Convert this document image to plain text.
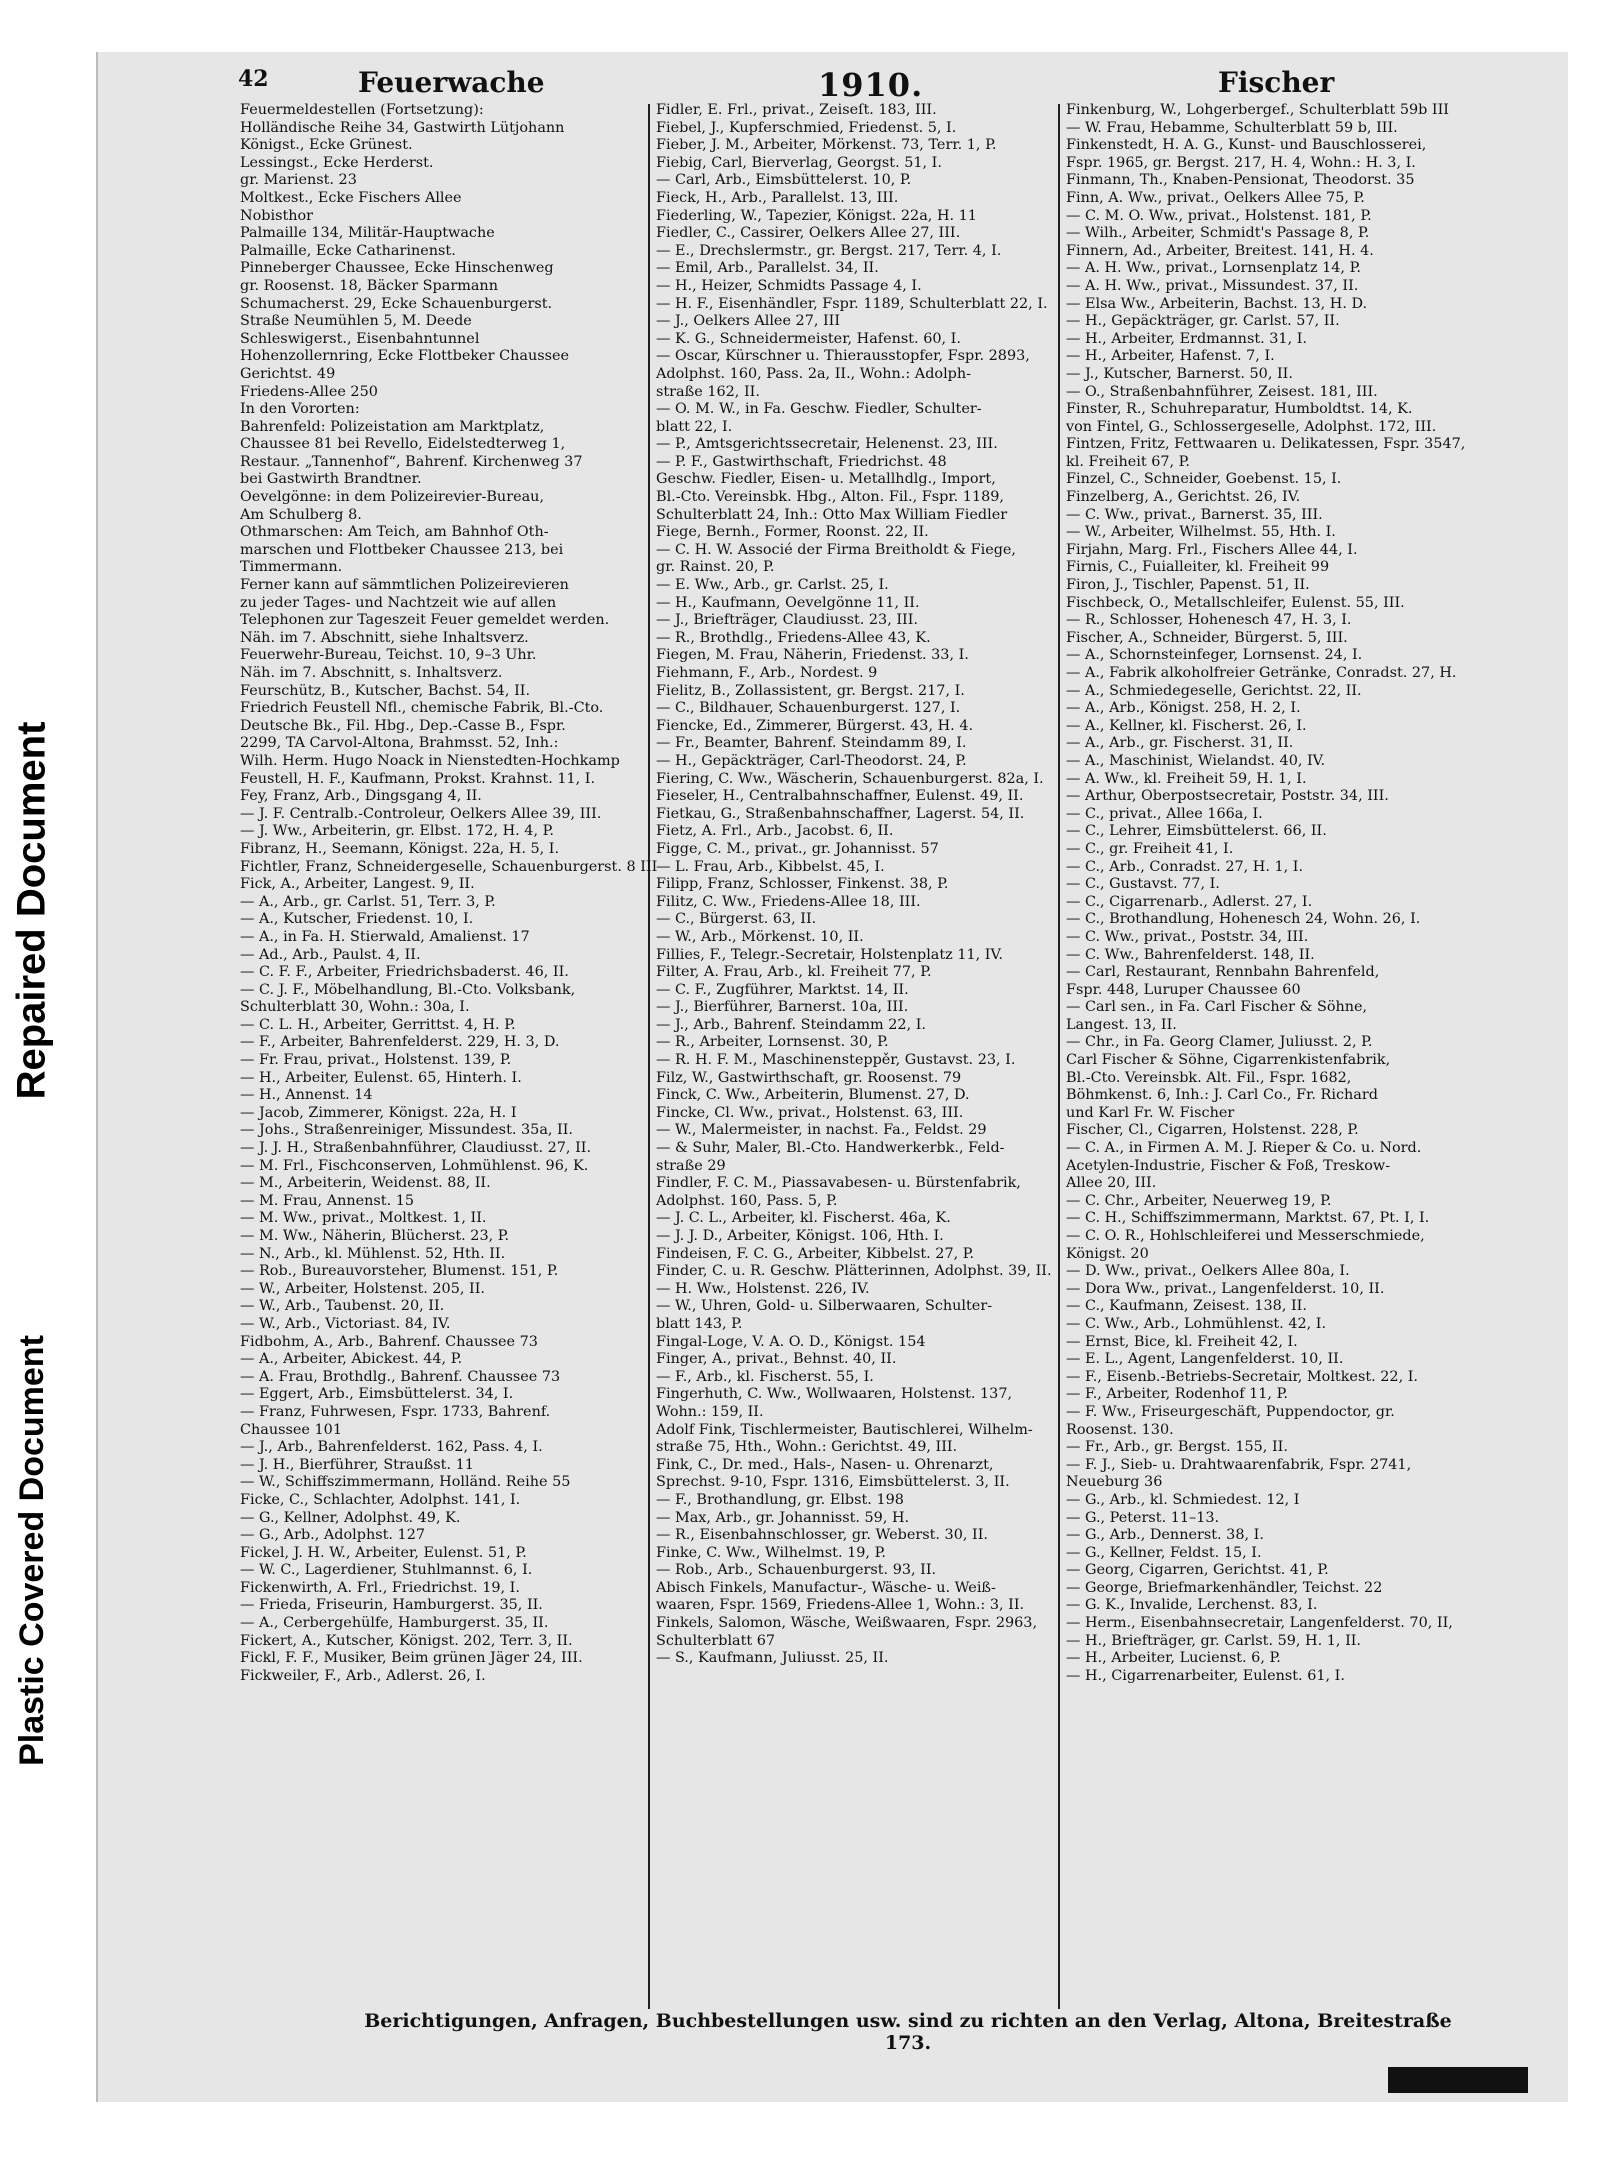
Repaired Document
Plastic Covered Document
42	Feuerwache	1910.	Fischer
Feuermeldestellen (Fortsetzung):
Holländische Reihe 34, Gastwirth Lütjohann
Königst., Ecke Grünest.
Lessingst., Ecke Herderst.
gr. Marienst. 23
Moltkest., Ecke Fischers Allee
Nobisthor
Palmaille 134, Militär-Hauptwache
Palmaille, Ecke Catharinenst.
Pinneberger Chaussee, Ecke Hinschenweg
gr. Roosenst. 18, Bäcker Sparmann
Schumacherst. 29, Ecke Schauenburgerst.
Straße Neumühlen 5, M. Deede
Schleswigerst., Eisenbahntunnel
Hohenzollernring, Ecke Flottbeker Chaussee
Gerichtst. 49
Friedens-Allee 250
In den Vororten:
Bahrenfeld: Polizeistation am Marktplatz,
Chaussee 81 bei Revello, Eidelstedterweg 1,
Restaur. „Tannenhof“, Bahrenf. Kirchenweg 37
bei Gastwirth Brandtner.
Oevelgönne: in dem Polizeirevier-Bureau,
Am Schulberg 8.
Othmarschen: Am Teich, am Bahnhof Oth-
marschen und Flottbeker Chaussee 213, bei
Timmermann.
Ferner kann auf sämmtlichen Polizeirevieren
zu jeder Tages- und Nachtzeit wie auf allen
Telephonen zur Tageszeit Feuer gemeldet werden.
Näh. im 7. Abschnitt, siehe Inhaltsverz.
Feuerwehr-Bureau, Teichst. 10, 9–3 Uhr.
Näh. im 7. Abschnitt, s. Inhaltsverz.
Feurschütz, B., Kutscher, Bachst. 54, II.
Friedrich Feustell Nfl., chemische Fabrik, Bl.-Cto.
Deutsche Bk., Fil. Hbg., Dep.-Casse B., Fspr.
2299, TA Carvol-Altona, Brahmsst. 52, Inh.:
Wilh. Herm. Hugo Noack in Nienstedten-Hochkamp
Feustell, H. F., Kaufmann, Prokst. Krahnst. 11, I.
Fey, Franz, Arb., Dingsgang 4, II.
— J. F. Centralb.-Controleur, Oelkers Allee 39, III.
— J. Ww., Arbeiterin, gr. Elbst. 172, H. 4, P.
Fibranz, H., Seemann, Königst. 22a, H. 5, I.
Fichtler, Franz, Schneidergeselle, Schauenburgerst. 8 III
Fick, A., Arbeiter, Langest. 9, II.
— A., Arb., gr. Carlst. 51, Terr. 3, P.
— A., Kutscher, Friedenst. 10, I.
— A., in Fa. H. Stierwald, Amalienst. 17
— Ad., Arb., Paulst. 4, II.
— C. F. F., Arbeiter, Friedrichsbaderst. 46, II.
— C. J. F., Möbelhandlung, Bl.-Cto. Volksbank,
Schulterblatt 30, Wohn.: 30a, I.
— C. L. H., Arbeiter, Gerrittst. 4, H. P.
— F., Arbeiter, Bahrenfelderst. 229, H. 3, D.
— Fr. Frau, privat., Holstenst. 139, P.
— H., Arbeiter, Eulenst. 65, Hinterh. I.
— H., Annenst. 14
— Jacob, Zimmerer, Königst. 22a, H. I
— Johs., Straßenreiniger, Missundest. 35a, II.
— J. J. H., Straßenbahnführer, Claudiusst. 27, II.
— M. Frl., Fischconserven, Lohmühlenst. 96, K.
— M., Arbeiterin, Weidenst. 88, II.
— M. Frau, Annenst. 15
— M. Ww., privat., Moltkest. 1, II.
— M. Ww., Näherin, Blücherst. 23, P.
— N., Arb., kl. Mühlenst. 52, Hth. II.
— Rob., Bureauvorsteher, Blumenst. 151, P.
— W., Arbeiter, Holstenst. 205, II.
— W., Arb., Taubenst. 20, II.
— W., Arb., Victoriast. 84, IV.
Fidbohm, A., Arb., Bahrenf. Chaussee 73
— A., Arbeiter, Abickest. 44, P.
— A. Frau, Brothdlg., Bahrenf. Chaussee 73
— Eggert, Arb., Eimsbüttelerst. 34, I.
— Franz, Fuhrwesen, Fspr. 1733, Bahrenf.
Chaussee 101
— J., Arb., Bahrenfelderst. 162, Pass. 4, I.
— J. H., Bierführer, Straußst. 11
— W., Schiffszimmermann, Holländ. Reihe 55
Ficke, C., Schlachter, Adolphst. 141, I.
— G., Kellner, Adolphst. 49, K.
— G., Arb., Adolphst. 127
Fickel, J. H. W., Arbeiter, Eulenst. 51, P.
— W. C., Lagerdiener, Stuhlmannst. 6, I.
Fickenwirth, A. Frl., Friedrichst. 19, I.
— Frieda, Friseurin, Hamburgerst. 35, II.
— A., Cerbergehülfe, Hamburgerst. 35, II.
Fickert, A., Kutscher, Königst. 202, Terr. 3, II.
Fickl, F. F., Musiker, Beim grünen Jäger 24, III.
Fickweiler, F., Arb., Adlerst. 26, I.
Fidler, E. Frl., privat., Zeiseſt. 183, III.
Fiebel, J., Kupferschmied, Friedenst. 5, I.
Fieber, J. M., Arbeiter, Mörkenst. 73, Terr. 1, P.
Fiebig, Carl, Bierverlag, Georgst. 51, I.
— Carl, Arb., Eimsbüttelerst. 10, P.
Fieck, H., Arb., Parallelst. 13, III.
Fiederling, W., Tapezier, Königst. 22a, H. 11
Fiedler, C., Cassirer, Oelkers Allee 27, III.
— E., Drechslermstr., gr. Bergst. 217, Terr. 4, I.
— Emil, Arb., Parallelst. 34, II.
— H., Heizer, Schmidts Passage 4, I.
— H. F., Eisenhändler, Fspr. 1189, Schulterblatt 22, I.
— J., Oelkers Allee 27, III
— K. G., Schneidermeister, Hafenst. 60, I.
— Oscar, Kürschner u. Thierausstopfer, Fspr. 2893,
Adolphst. 160, Pass. 2a, II., Wohn.: Adolph-
straße 162, II.
— O. M. W., in Fa. Geschw. Fiedler, Schulter-
blatt 22, I.
— P., Amtsgerichtssecretair, Helenenst. 23, III.
— P. F., Gastwirthschaft, Friedrichst. 48
Geschw. Fiedler, Eisen- u. Metallhdlg., Import,
Bl.-Cto. Vereinsbk. Hbg., Alton. Fil., Fspr. 1189,
Schulterblatt 24, Inh.: Otto Max William Fiedler
Fiege, Bernh., Former, Roonst. 22, II.
— C. H. W. Associé der Firma Breitholdt & Fiege,
gr. Rainst. 20, P.
— E. Ww., Arb., gr. Carlst. 25, I.
— H., Kaufmann, Oevelgönne 11, II.
— J., Briefträger, Claudiusst. 23, III.
— R., Brothdlg., Friedens-Allee 43, K.
Fiegen, M. Frau, Näherin, Friedenst. 33, I.
Fiehmann, F., Arb., Nordest. 9
Fielitz, B., Zollassistent, gr. Bergst. 217, I.
— C., Bildhauer, Schauenburgerst. 127, I.
Fiencke, Ed., Zimmerer, Bürgerst. 43, H. 4.
— Fr., Beamter, Bahrenf. Steindamm 89, I.
— H., Gepäckträger, Carl-Theodorst. 24, P.
Fiering, C. Ww., Wäscherin, Schauenburgerst. 82a, I.
Fieseler, H., Centralbahnschaffner, Eulenst. 49, II.
Fietkau, G., Straßenbahnschaffner, Lagerst. 54, II.
Fietz, A. Frl., Arb., Jacobst. 6, II.
Figge, C. M., privat., gr. Johannisst. 57
— L. Frau, Arb., Kibbelst. 45, I.
Filipp, Franz, Schlosser, Finkenst. 38, P.
Filitz, C. Ww., Friedens-Allee 18, III.
— C., Bürgerst. 63, II.
— W., Arb., Mörkenst. 10, II.
Fillies, F., Telegr.-Secretair, Holstenplatz 11, IV.
Filter, A. Frau, Arb., kl. Freiheit 77, P.
— C. F., Zugführer, Marktst. 14, II.
— J., Bierführer, Barnerst. 10a, III.
— J., Arb., Bahrenf. Steindamm 22, I.
— R., Arbeiter, Lornsenst. 30, P.
— R. H. F. M., Maschinensteppěr, Gustavst. 23, I.
Filz, W., Gastwirthschaft, gr. Roosenst. 79
Finck, C. Ww., Arbeiterin, Blumenst. 27, D.
Fincke, Cl. Ww., privat., Holstenst. 63, III.
— W., Malermeister, in nachst. Fa., Feldst. 29
— & Suhr, Maler, Bl.-Cto. Handwerkerbk., Feld-
straße 29
Findler, F. C. M., Piassavabesen- u. Bürstenfabrik,
Adolphst. 160, Pass. 5, P.
— J. C. L., Arbeiter, kl. Fischerst. 46a, K.
— J. J. D., Arbeiter, Königst. 106, Hth. I.
Findeisen, F. C. G., Arbeiter, Kibbelst. 27, P.
Finder, C. u. R. Geschw. Plätterinnen, Adolphst. 39, II.
— H. Ww., Holstenst. 226, IV.
— W., Uhren, Gold- u. Silberwaaren, Schulter-
blatt 143, P.
Fingal-Loge, V. A. O. D., Königst. 154
Finger, A., privat., Behnst. 40, II.
— F., Arb., kl. Fischerst. 55, I.
Fingerhuth, C. Ww., Wollwaaren, Holstenst. 137,
Wohn.: 159, II.
Adolf Fink, Tischlermeister, Bautischlerei, Wilhelm-
straße 75, Hth., Wohn.: Gerichtst. 49, III.
Fink, C., Dr. med., Hals-, Nasen- u. Ohrenarzt,
Sprechst. 9-10, Fspr. 1316, Eimsbüttelerst. 3, II.
— F., Brothandlung, gr. Elbst. 198
— Max, Arb., gr. Johannisst. 59, H.
— R., Eisenbahnschlosser, gr. Weberst. 30, II.
Finke, C. Ww., Wilhelmst. 19, P.
— Rob., Arb., Schauenburgerst. 93, II.
Abisch Finkels, Manufactur-, Wäsche- u. Weiß-
waaren, Fspr. 1569, Friedens-Allee 1, Wohn.: 3, II.
Finkels, Salomon, Wäsche, Weißwaaren, Fspr. 2963,
Schulterblatt 67
— S., Kaufmann, Juliusst. 25, II.
Finkenburg, W., Lohgerbergef., Schulterblatt 59b III
— W. Frau, Hebamme, Schulterblatt 59 b, III.
Finkenstedt, H. A. G., Kunst- und Bauschlosserei,
Fspr. 1965, gr. Bergst. 217, H. 4, Wohn.: H. 3, I.
Finmann, Th., Knaben-Pensionat, Theodorst. 35
Finn, A. Ww., privat., Oelkers Allee 75, P.
— C. M. O. Ww., privat., Holstenst. 181, P.
— Wilh., Arbeiter, Schmidt's Passage 8, P.
Finnern, Ad., Arbeiter, Breitest. 141, H. 4.
— A. H. Ww., privat., Lornsenplatz 14, P.
— A. H. Ww., privat., Missundest. 37, II.
— Elsa Ww., Arbeiterin, Bachst. 13, H. D.
— H., Gepäckträger, gr. Carlst. 57, II.
— H., Arbeiter, Erdmannst. 31, I.
— H., Arbeiter, Hafenst. 7, I.
— J., Kutscher, Barnerst. 50, II.
— O., Straßenbahnführer, Zeisest. 181, III.
Finster, R., Schuhreparatur, Humboldtst. 14, K.
von Fintel, G., Schlossergeselle, Adolphst. 172, III.
Fintzen, Fritz, Fettwaaren u. Delikatessen, Fspr. 3547,
kl. Freiheit 67, P.
Finzel, C., Schneider, Goebenst. 15, I.
Finzelberg, A., Gerichtst. 26, IV.
— C. Ww., privat., Barnerst. 35, III.
— W., Arbeiter, Wilhelmst. 55, Hth. I.
Firjahn, Marg. Frl., Fischers Allee 44, I.
Firnis, C., Fuialleiter, kl. Freiheit 99
Firon, J., Tischler, Papenst. 51, II.
Fischbeck, O., Metallschleifer, Eulenst. 55, III.
— R., Schlosser, Hohenesch 47, H. 3, I.
Fischer, A., Schneider, Bürgerst. 5, III.
— A., Schornsteinfeger, Lornsenst. 24, I.
— A., Fabrik alkoholfreier Getränke, Conradst. 27, H.
— A., Schmiedegeselle, Gerichtst. 22, II.
— A., Arb., Königst. 258, H. 2, I.
— A., Kellner, kl. Fischerst. 26, I.
— A., Arb., gr. Fischerst. 31, II.
— A., Maschinist, Wielandst. 40, IV.
— A. Ww., kl. Freiheit 59, H. 1, I.
— Arthur, Oberpostsecretair, Poststr. 34, III.
— C., privat., Allee 166a, I.
— C., Lehrer, Eimsbüttelerst. 66, II.
— C., gr. Freiheit 41, I.
— C., Arb., Conradst. 27, H. 1, I.
— C., Gustavst. 77, I.
— C., Cigarrenarb., Adlerst. 27, I.
— C., Brothandlung, Hohenesch 24, Wohn. 26, I.
— C. Ww., privat., Poststr. 34, III.
— C. Ww., Bahrenfelderst. 148, II.
— Carl, Restaurant, Rennbahn Bahrenfeld,
Fspr. 448, Luruper Chaussee 60
— Carl sen., in Fa. Carl Fischer & Söhne,
Langest. 13, II.
— Chr., in Fa. Georg Clamer, Juliusst. 2, P.
Carl Fischer & Söhne, Cigarrenkistenfabrik,
Bl.-Cto. Vereinsbk. Alt. Fil., Fspr. 1682,
Böhmkenst. 6, Inh.: J. Carl Co., Fr. Richard
und Karl Fr. W. Fischer
Fischer, Cl., Cigarren, Holstenst. 228, P.
— C. A., in Firmen A. M. J. Rieper & Co. u. Nord.
Acetylen-Industrie, Fischer & Foß, Treskow-
Allee 20, III.
— C. Chr., Arbeiter, Neuerweg 19, P.
— C. H., Schiffszimmermann, Marktst. 67, Pt. I, I.
— C. O. R., Hohlschleiferei und Messerschmiede,
Königst. 20
— D. Ww., privat., Oelkers Allee 80a, I.
— Dora Ww., privat., Langenfelderst. 10, II.
— C., Kaufmann, Zeisest. 138, II.
— C. Ww., Arb., Lohmühlenst. 42, I.
— Ernst, Bice, kl. Freiheit 42, I.
— E. L., Agent, Langenfelderst. 10, II.
— F., Eisenb.-Betriebs-Secretair, Moltkest. 22, I.
— F., Arbeiter, Rodenhof 11, P.
— F. Ww., Friseurgeschäft, Puppendoctor, gr.
Roosenst. 130.
— Fr., Arb., gr. Bergst. 155, II.
— F. J., Sieb- u. Drahtwaarenfabrik, Fspr. 2741,
Neueburg 36
— G., Arb., kl. Schmiedest. 12, I
— G., Peterst. 11–13.
— G., Arb., Dennerst. 38, I.
— G., Kellner, Feldst. 15, I.
— Georg, Cigarren, Gerichtst. 41, P.
— George, Briefmarkenhändler, Teichst. 22
— G. K., Invalide, Lerchenst. 83, I.
— Herm., Eisenbahnsecretair, Langenfelderst. 70, II,
— H., Briefträger, gr. Carlst. 59, H. 1, II.
— H., Arbeiter, Lucienst. 6, P.
— H., Cigarrenarbeiter, Eulenst. 61, I.
Berichtigungen, Anfragen, Buchbestellungen usw. sind zu richten an den Verlag, Altona, Breitestraße 173.
